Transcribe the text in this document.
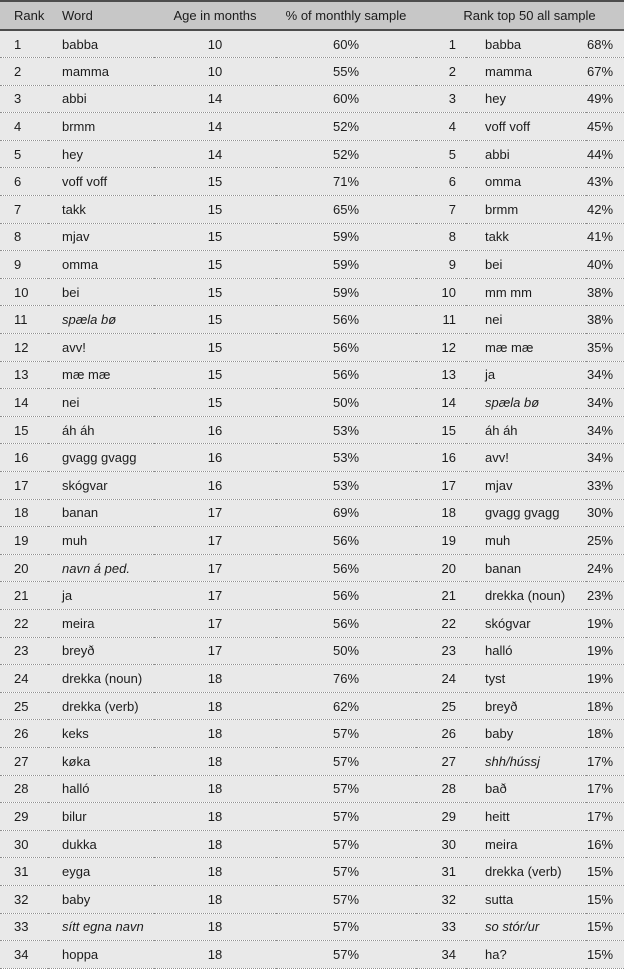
Rank	Word	Age in months	% of monthly sample	Rank top 50 all sample		
1	babba	10	60%	1	babba	68%
2	mamma	10	55%	2	mamma	67%
3	abbi	14	60%	3	hey	49%
4	brmm	14	52%	4	voff voff	45%
5	hey	14	52%	5	abbi	44%
6	voff voff	15	71%	6	omma	43%
7	takk	15	65%	7	brmm	42%
8	mjav	15	59%	8	takk	41%
9	omma	15	59%	9	bei	40%
10	bei	15	59%	10	mm mm	38%
11	spæla bø	15	56%	11	nei	38%
12	avv!	15	56%	12	mæ mæ	35%
13	mæ mæ	15	56%	13	ja	34%
14	nei	15	50%	14	spæla bø	34%
15	áh áh	16	53%	15	áh áh	34%
16	gvagg gvagg	16	53%	16	avv!	34%
17	skógvar	16	53%	17	mjav	33%
18	banan	17	69%	18	gvagg gvagg	30%
19	muh	17	56%	19	muh	25%
20	navn á ped.	17	56%	20	banan	24%
21	ja	17	56%	21	drekka (noun)	23%
22	meira	17	56%	22	skógvar	19%
23	breyð	17	50%	23	halló	19%
24	drekka (noun)	18	76%	24	tyst	19%
25	drekka (verb)	18	62%	25	breyð	18%
26	keks	18	57%	26	baby	18%
27	køka	18	57%	27	shh/hússj	17%
28	halló	18	57%	28	bað	17%
29	bilur	18	57%	29	heitt	17%
30	dukka	18	57%	30	meira	16%
31	eyga	18	57%	31	drekka (verb)	15%
32	baby	18	57%	32	sutta	15%
33	sítt egna navn	18	57%	33	so stór/ur	15%
34	hoppa	18	57%	34	ha?	15%
